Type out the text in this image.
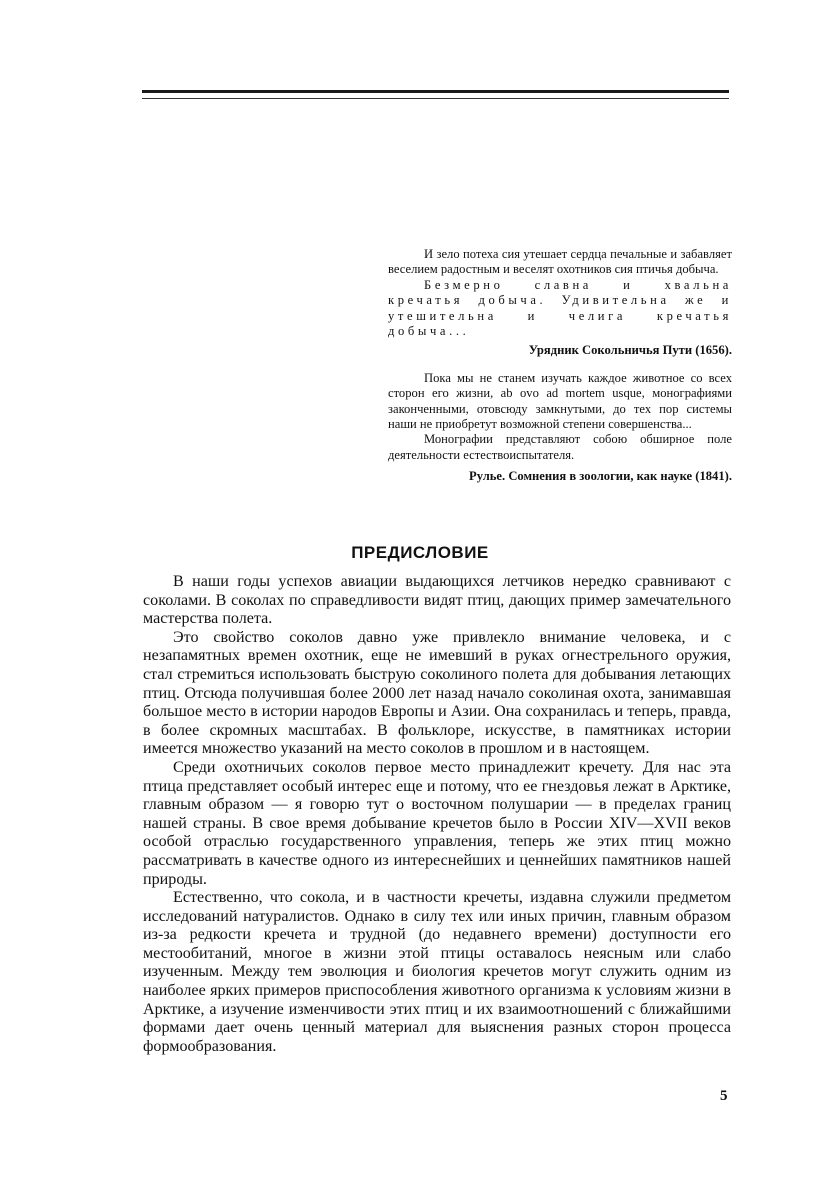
И зело потеха сия утешает сердца печальные и забавляет веселием радостным и веселят охотников сия птичья добыча.

Безмерно славна и хвальна кречатья добыча. Удивительна же и утешительна и челига кречатья добыча...

Урядник Сокольничья Пути (1656).

Пока мы не станем изучать каждое животное со всех сторон его жизни, ab ovo ad mortem usque, монографиями законченными, отовсюду замкнутыми, до тех пор системы наши не приобретут возможной степени совершенства...

Монографии представляют собою обширное поле деятельности естествоиспытателя.

Рулье. Сомнения в зоологии, как науке (1841).

ПРЕДИСЛОВИЕ

В наши годы успехов авиации выдающихся летчиков нередко сравнивают с соколами. В соколах по справедливости видят птиц, дающих пример замечательного мастерства полета.

Это свойство соколов давно уже привлекло внимание человека, и с незапамятных времен охотник, еще не имевший в руках огнестрельного оружия, стал стремиться использовать быструю соколиного полета для добывания летающих птиц. Отсюда получившая более 2000 лет назад начало соколиная охота, занимавшая большое место в истории народов Европы и Азии. Она сохранилась и теперь, правда, в более скромных масштабах. В фольклоре, искусстве, в памятниках истории имеется множество указаний на место соколов в прошлом и в настоящем.

Среди охотничьих соколов первое место принадлежит кречету. Для нас эта птица представляет особый интерес еще и потому, что ее гнездовья лежат в Арктике, главным образом — я говорю тут о восточном полушарии — в пределах границ нашей страны. В свое время добывание кречетов было в России XIV—XVII веков особой отраслью государственного управления, теперь же этих птиц можно рассматривать в качестве одного из интереснейших и ценнейших памятников нашей природы.

Естественно, что сокола, и в частности кречеты, издавна служили предметом исследований натуралистов. Однако в силу тех или иных причин, главным образом из-за редкости кречета и трудной (до недавнего времени) доступности его местообитаний, многое в жизни этой птицы оставалось неясным или слабо изученным. Между тем эволюция и биология кречетов могут служить одним из наиболее ярких примеров приспособления животного организма к условиям жизни в Арктике, а изучение изменчивости этих птиц и их взаимоотношений с ближайшими формами дает очень ценный материал для выяснения разных сторон процесса формообразования.

5
